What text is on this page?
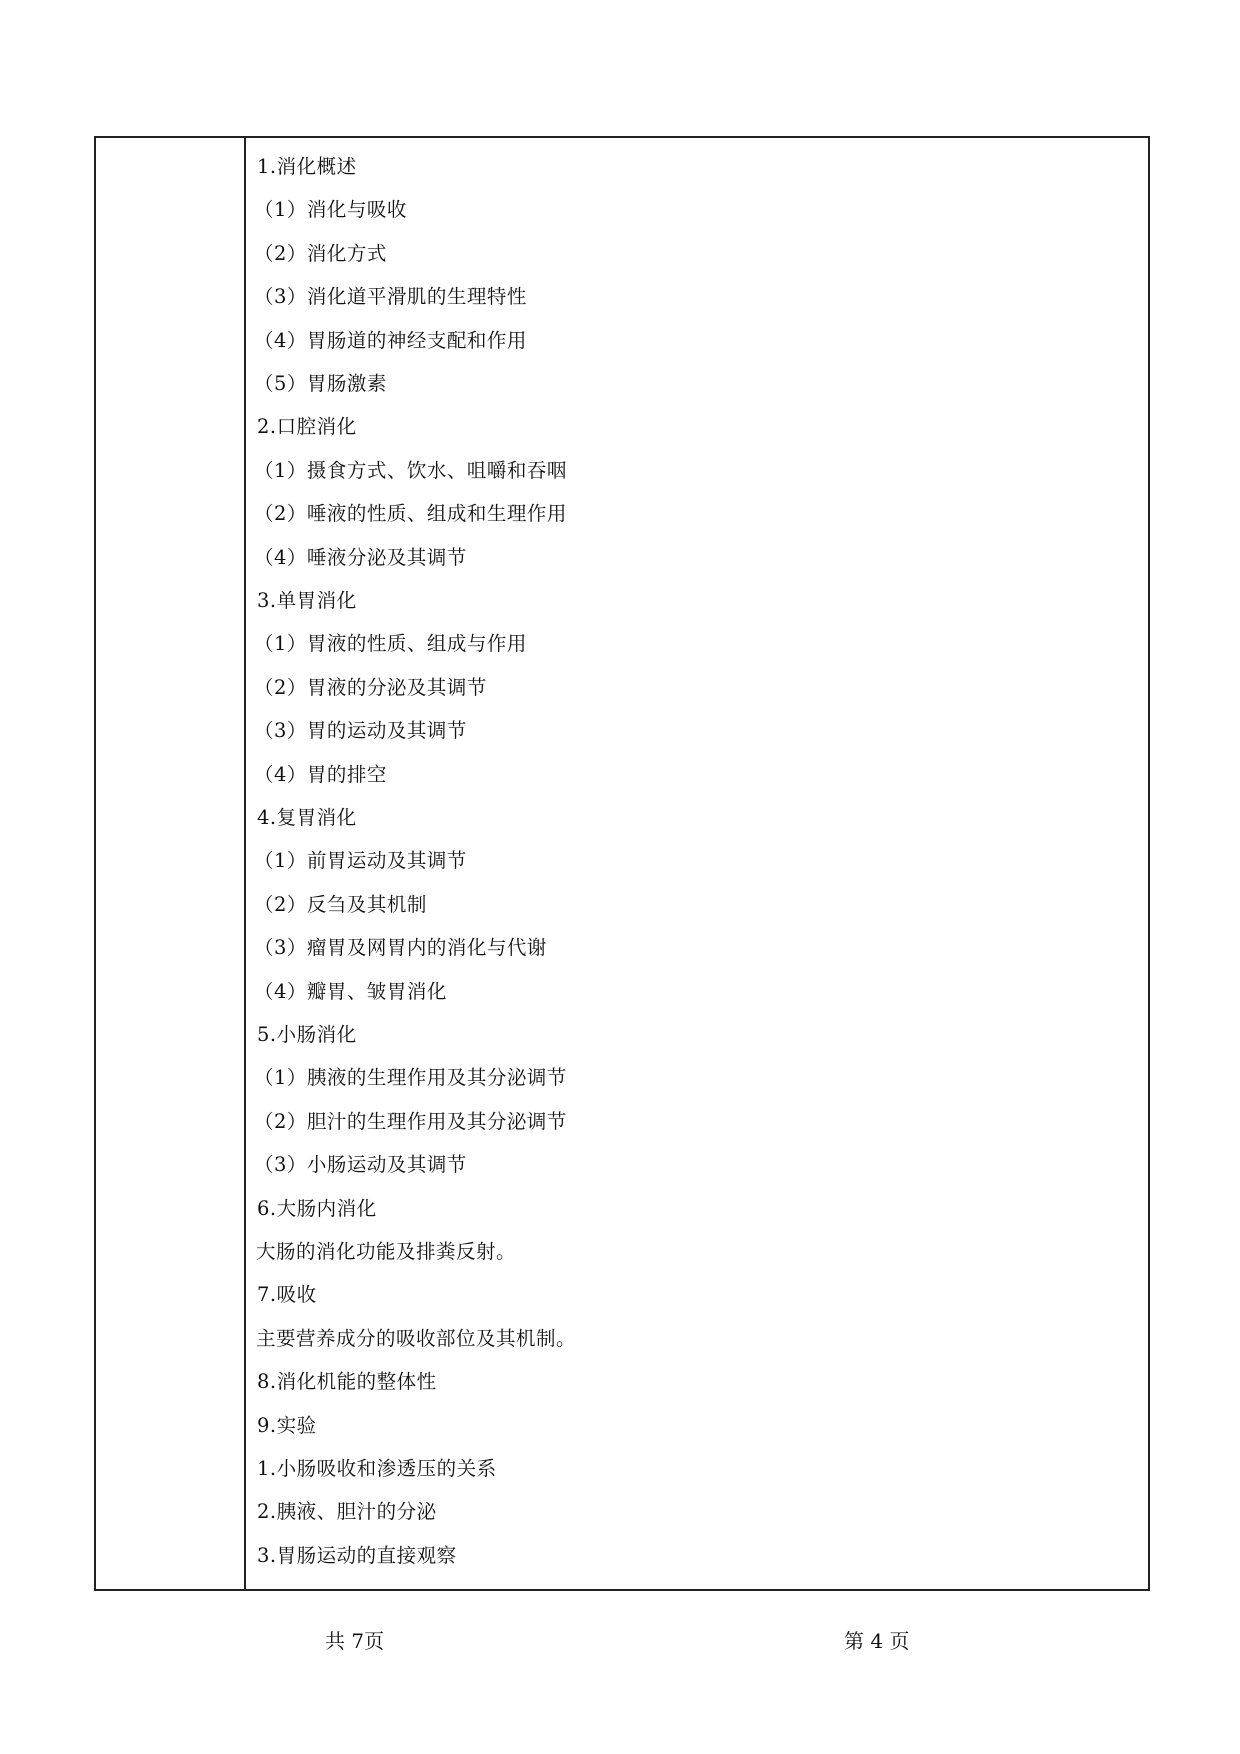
1.消化概述
（1）消化与吸收
（2）消化方式
（3）消化道平滑肌的生理特性
（4）胃肠道的神经支配和作用
（5）胃肠激素
2.口腔消化
（1）摄食方式、饮水、咀嚼和吞咽
（2）唾液的性质、组成和生理作用
（4）唾液分泌及其调节
3.单胃消化
（1）胃液的性质、组成与作用
（2）胃液的分泌及其调节
（3）胃的运动及其调节
（4）胃的排空
4.复胃消化
（1）前胃运动及其调节
（2）反刍及其机制
（3）瘤胃及网胃内的消化与代谢
（4）瓣胃、皱胃消化
5.小肠消化
（1）胰液的生理作用及其分泌调节
（2）胆汁的生理作用及其分泌调节
（3）小肠运动及其调节
6.大肠内消化
大肠的消化功能及排粪反射。
7.吸收
主要营养成分的吸收部位及其机制。
8.消化机能的整体性
9.实验
1.小肠吸收和渗透压的关系
2.胰液、胆汁的分泌
3.胃肠运动的直接观察
共 7页	第 4 页
